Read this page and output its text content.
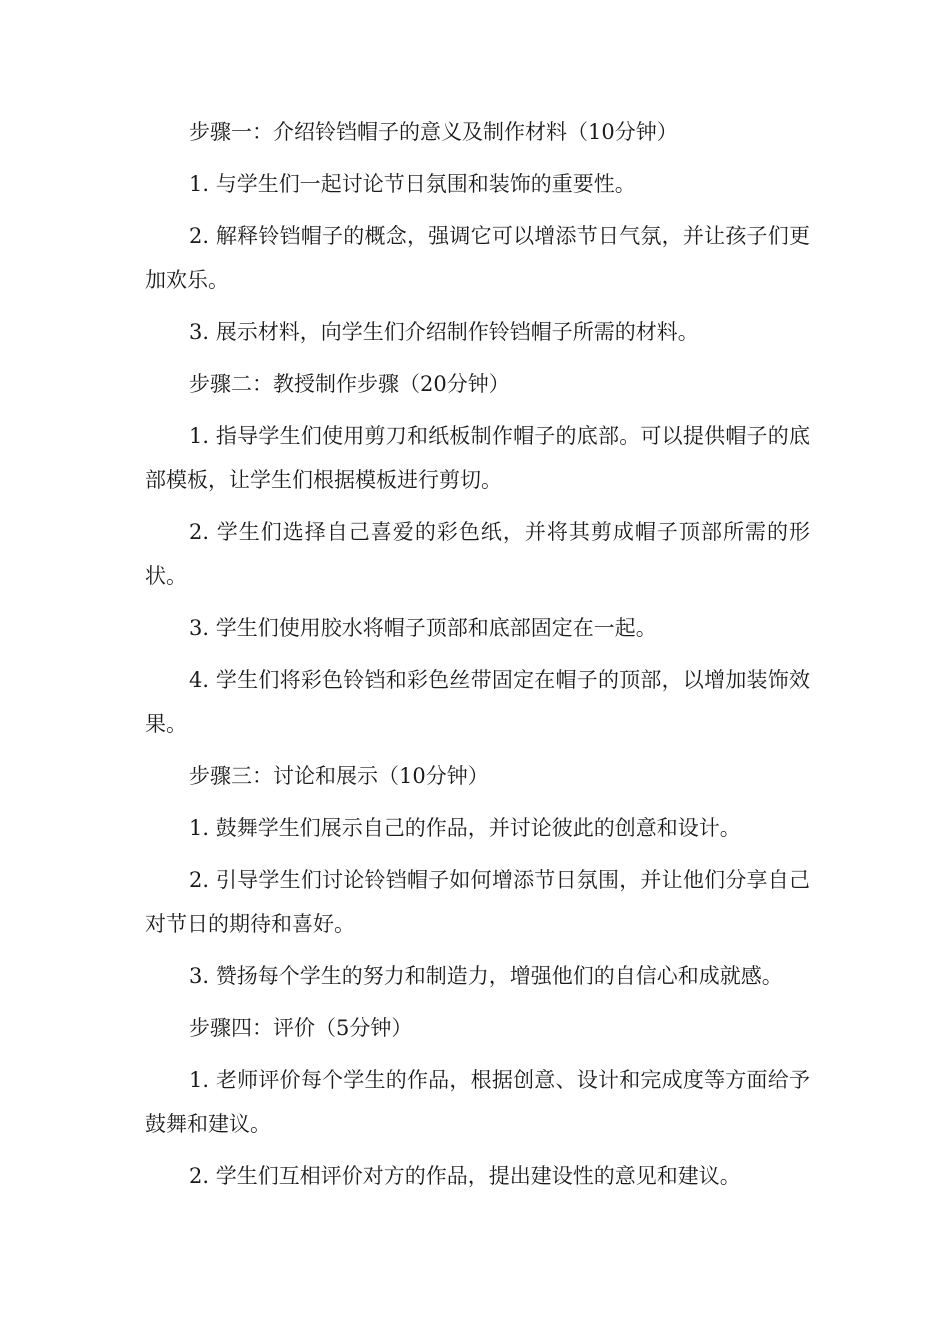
步骤一：介绍铃铛帽子的意义及制作材料（10分钟）

1. 与学生们一起讨论节日氛围和装饰的重要性。

2. 解释铃铛帽子的概念，强调它可以增添节日气氛，并让孩子们更加欢乐。

3. 展示材料，向学生们介绍制作铃铛帽子所需的材料。

步骤二：教授制作步骤（20分钟）

1. 指导学生们使用剪刀和纸板制作帽子的底部。可以提供帽子的底部模板，让学生们根据模板进行剪切。

2. 学生们选择自己喜爱的彩色纸，并将其剪成帽子顶部所需的形状。

3. 学生们使用胶水将帽子顶部和底部固定在一起。

4. 学生们将彩色铃铛和彩色丝带固定在帽子的顶部，以增加装饰效果。

步骤三：讨论和展示（10分钟）

1. 鼓舞学生们展示自己的作品，并讨论彼此的创意和设计。

2. 引导学生们讨论铃铛帽子如何增添节日氛围，并让他们分享自己对节日的期待和喜好。

3. 赞扬每个学生的努力和制造力，增强他们的自信心和成就感。

步骤四：评价（5分钟）

1. 老师评价每个学生的作品，根据创意、设计和完成度等方面给予鼓舞和建议。

2. 学生们互相评价对方的作品，提出建设性的意见和建议。
